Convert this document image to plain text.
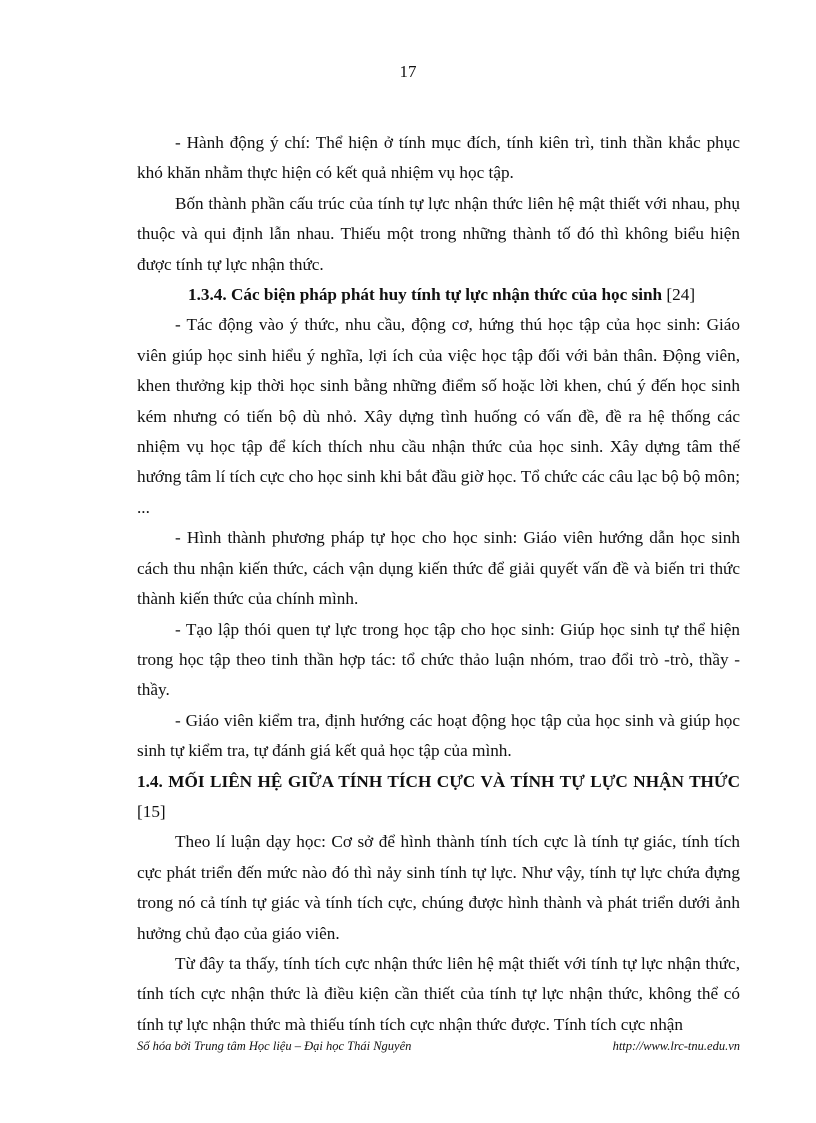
17

- Hành động ý chí: Thể hiện ở tính mục đích, tính kiên trì, tinh thần khắc phục khó khăn nhằm thực hiện có kết quả nhiệm vụ học tập.

Bốn thành phần cấu trúc của tính tự lực nhận thức liên hệ mật thiết với nhau, phụ thuộc và qui định lẫn nhau. Thiếu một trong những thành tố đó thì không biểu hiện được tính tự lực nhận thức.

1.3.4. Các biện pháp phát huy tính tự lực nhận thức của học sinh [24]

- Tác động vào ý thức, nhu cầu, động cơ, hứng thú học tập của học sinh: Giáo viên giúp học sinh hiểu ý nghĩa, lợi ích của việc học tập đối với bản thân. Động viên, khen thưởng kịp thời học sinh bằng những điểm số hoặc lời khen, chú ý đến học sinh kém nhưng có tiến bộ dù nhỏ. Xây dựng tình huống có vấn đề, đề ra hệ thống các nhiệm vụ học tập để kích thích nhu cầu nhận thức của học sinh. Xây dựng tâm thế hướng tâm lí tích cực cho học sinh khi bắt đầu giờ học. Tổ chức các câu lạc bộ bộ môn; ...

- Hình thành phương pháp tự học cho học sinh: Giáo viên hướng dẫn học sinh cách thu nhận kiến thức, cách vận dụng kiến thức để giải quyết vấn đề và biến tri thức thành kiến thức của chính mình.

- Tạo lập thói quen tự lực trong học tập cho học sinh: Giúp học sinh tự thể hiện trong học tập theo tinh thần hợp tác: tổ chức thảo luận nhóm, trao đổi trò -trò, thầy - thầy.

- Giáo viên kiểm tra, định hướng các hoạt động học tập của học sinh và giúp học sinh tự kiểm tra, tự đánh giá kết quả học tập của mình.

1.4. MỐI LIÊN HỆ GIỮA TÍNH TÍCH CỰC VÀ TÍNH TỰ LỰC NHẬN THỨC [15]

Theo lí luận dạy học: Cơ sở để hình thành tính tích cực là tính tự giác, tính tích cực phát triển đến mức nào đó thì nảy sinh tính tự lực. Như vậy, tính tự lực chứa đựng trong nó cả tính tự giác và tính tích cực, chúng được hình thành và phát triển dưới ảnh hưởng chủ đạo của giáo viên.

Từ đây ta thấy, tính tích cực nhận thức liên hệ mật thiết với tính tự lực nhận thức, tính tích cực nhận thức là điều kiện cần thiết của tính tự lực nhận thức, không thể có tính tự lực nhận thức mà thiếu tính tích cực nhận thức được. Tính tích cực nhận

Số hóa bởi Trung tâm Học liệu – Đại học Thái Nguyên	http://www.lrc-tnu.edu.vn
